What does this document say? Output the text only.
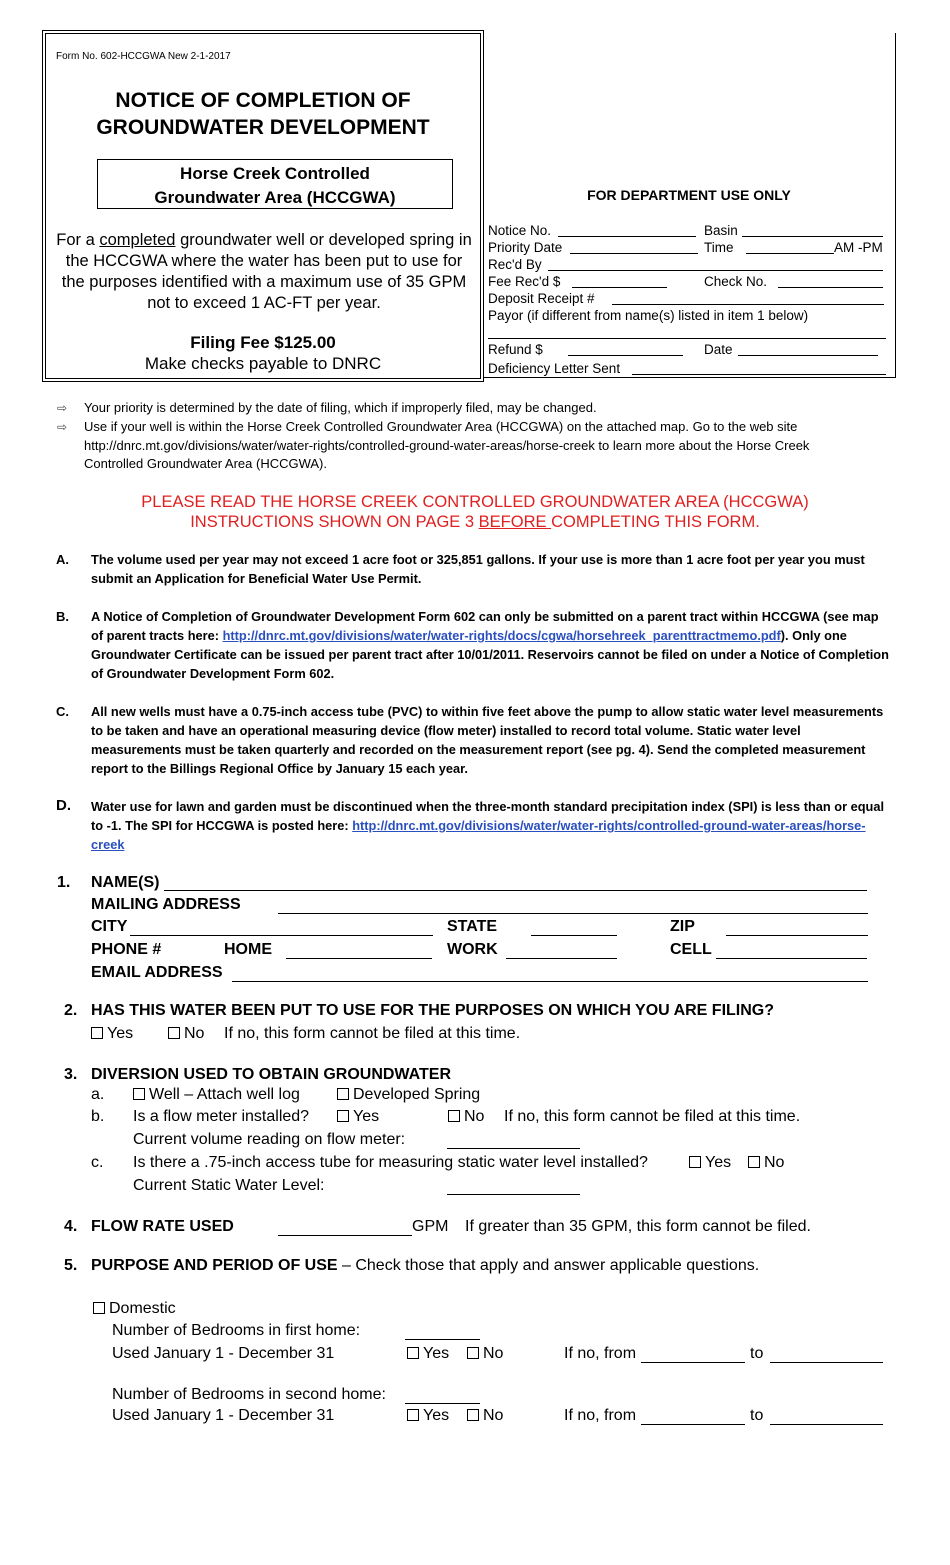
Form No. 602-HCCGWA New 2-1-2017
NOTICE OF COMPLETION OF
GROUNDWATER DEVELOPMENT
Horse Creek Controlled
Groundwater Area (HCCGWA)
For a completed groundwater well or developed spring in the HCCGWA where the water has been put to use for the purposes identified with a maximum use of 35 GPM not to exceed 1 AC-FT per year.
Filing Fee $125.00
Make checks payable to DNRC
FOR DEPARTMENT USE ONLY
Notice No.	Basin
Priority Date	Time	AM -PM
Rec'd By
Fee Rec'd $	Check No.
Deposit Receipt #
Payor (if different from name(s) listed in item 1 below)
Refund $	Date
Deficiency Letter Sent
⇨ Your priority is determined by the date of filing, which if improperly filed, may be changed.
⇨ Use if your well is within the Horse Creek Controlled Groundwater Area (HCCGWA) on the attached map. Go to the web site
http://dnrc.mt.gov/divisions/water/water-rights/controlled-ground-water-areas/horse-creek to learn more about the Horse Creek
Controlled Groundwater Area (HCCGWA).
PLEASE READ THE HORSE CREEK CONTROLLED GROUNDWATER AREA (HCCGWA)
INSTRUCTIONS SHOWN ON PAGE 3 BEFORE COMPLETING THIS FORM.
A. The volume used per year may not exceed 1 acre foot or 325,851 gallons. If your use is more than 1 acre foot per year you must submit an Application for Beneficial Water Use Permit.
B. A Notice of Completion of Groundwater Development Form 602 can only be submitted on a parent tract within HCCGWA (see map of parent tracts here: http://dnrc.mt.gov/divisions/water/water-rights/docs/cgwa/horsehreek_parenttractmemo.pdf). Only one Groundwater Certificate can be issued per parent tract after 10/01/2011. Reservoirs cannot be filed on under a Notice of Completion of Groundwater Development Form 602.
C. All new wells must have a 0.75-inch access tube (PVC) to within five feet above the pump to allow static water level measurements to be taken and have an operational measuring device (flow meter) installed to record total volume. Static water level measurements must be taken quarterly and recorded on the measurement report (see pg. 4). Send the completed measurement report to the Billings Regional Office by January 15 each year.
D. Water use for lawn and garden must be discontinued when the three-month standard precipitation index (SPI) is less than or equal to -1. The SPI for HCCGWA is posted here: http://dnrc.mt.gov/divisions/water/water-rights/controlled-ground-water-areas/horse-creek
1. NAME(S)
MAILING ADDRESS
CITY	STATE	ZIP
PHONE #	HOME	WORK	CELL
EMAIL ADDRESS
2. HAS THIS WATER BEEN PUT TO USE FOR THE PURPOSES ON WHICH YOU ARE FILING?
Yes	No If no, this form cannot be filed at this time.
3. DIVERSION USED TO OBTAIN GROUNDWATER
a.	Well – Attach well log	Developed Spring
b. Is a flow meter installed?	Yes	No If no, this form cannot be filed at this time.
Current volume reading on flow meter:
c. Is there a .75-inch access tube for measuring static water level installed?	Yes	No
Current Static Water Level:
4. FLOW RATE USED	GPM If greater than 35 GPM, this form cannot be filed.
5. PURPOSE AND PERIOD OF USE – Check those that apply and answer applicable questions.
Domestic
Number of Bedrooms in first home:
Used January 1 - December 31	Yes	No	If no, from	to
Number of Bedrooms in second home:
Used January 1 - December 31	Yes	No	If no, from	to
